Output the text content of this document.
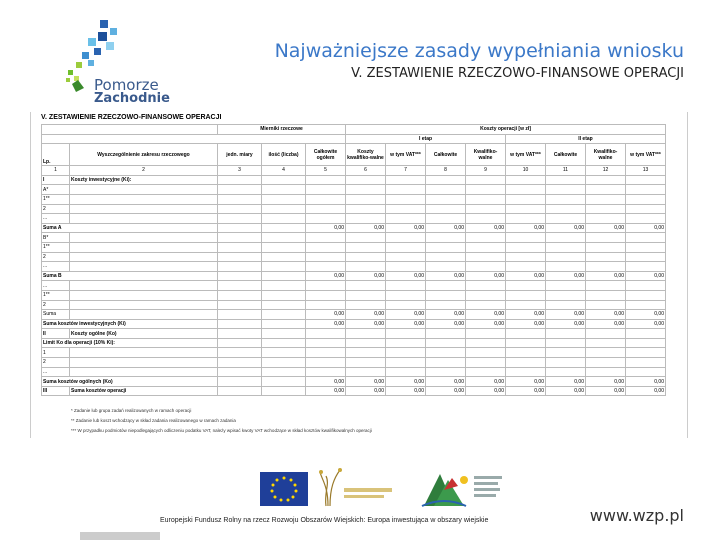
Pomorze
Zachodnie
Najważniejsze zasady wypełniania wniosku
V. ZESTAWIENIE RZECZOWO-FINANSOWE OPERACJI
V. ZESTAWIENIE RZECZOWO-FINANSOWE OPERACJI
		Mierniki rzeczowe			Koszty operacji [w zł]							
					I etap				II etap			
Lp.	Wyszczególnienie zakresu rzeczowego	jedn. miary	ilość (liczba)	Całkowite ogółem	Koszty kwalifiko-walne	w tym VAT***	Całkowite	Kwalifiko-walne	w tym VAT***	Całkowite	Kwalifiko-walne	w tym VAT***
1	2	3	4	5	6	7	8	9	10	11	12	13
I	Koszty inwestycyjne (Ki):											
A*												
1**												
2												
...												
Suma A				0,00	0,00	0,00	0,00	0,00	0,00	0,00	0,00	0,00
B*												
1**												
2												
...												
Suma B				0,00	0,00	0,00	0,00	0,00	0,00	0,00	0,00	0,00
...												
1**												
2												
Suma				0,00	0,00	0,00	0,00	0,00	0,00	0,00	0,00	0,00
Suma kosztów inwestycyjnych (Ki)				0,00	0,00	0,00	0,00	0,00	0,00	0,00	0,00	0,00
II	Koszty ogólne (Ko)											
Limit Ko dla operacji (10% Ki):												
1												
2												
...												
Suma kosztów ogólnych (Ko)				0,00	0,00	0,00	0,00	0,00	0,00	0,00	0,00	0,00
III	Suma kosztów operacji			0,00	0,00	0,00	0,00	0,00	0,00	0,00	0,00	0,00
* Zadanie lub grupa zadań realizowanych w ramach operacji
** Zadanie lub koszt wchodzący w skład zadania realizowanego w ramach zadania
*** W przypadku podmiotów niepodlegających odliczeniu podatku VAT, należy wpisać kwoty VAT wchodzące w skład kosztów kwalifikowalnych operacji
Europejski Fundusz Rolny na rzecz Rozwoju Obszarów Wiejskich: Europa inwestująca w obszary wiejskie	www.wzp.pl
